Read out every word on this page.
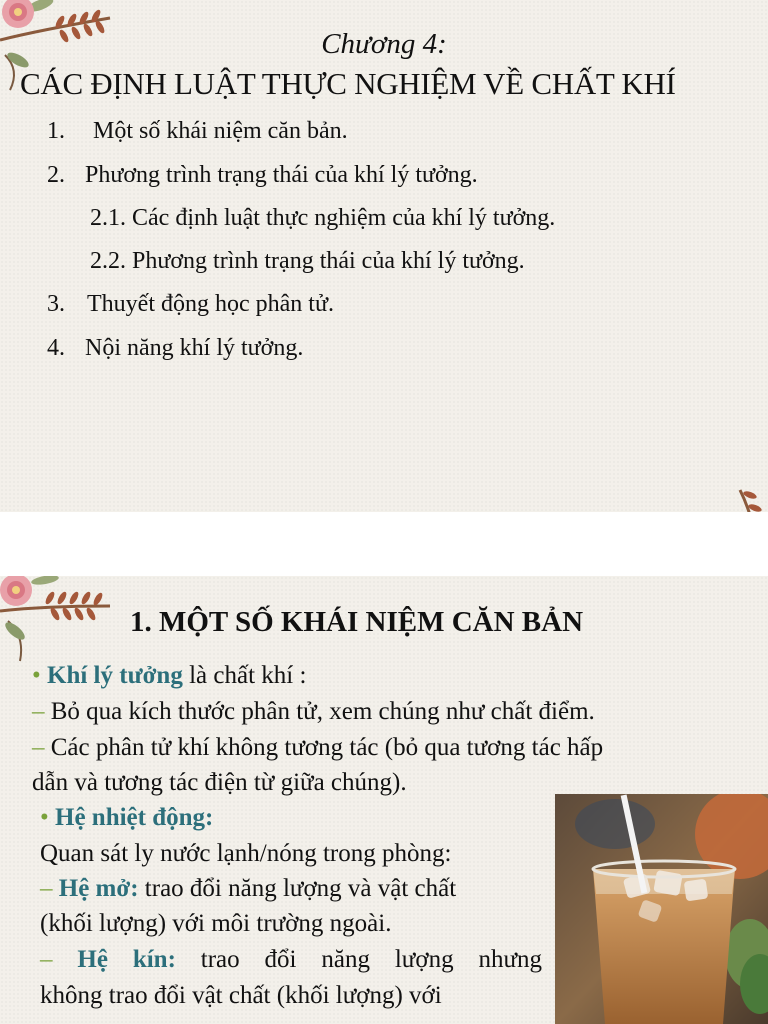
Chương 4:
CÁC ĐỊNH LUẬT THỰC NGHIỆM VỀ CHẤT KHÍ
1. Một số khái niệm căn bản.
2. Phương trình trạng thái của khí lý tưởng.
2.1. Các định luật thực nghiệm của khí lý tưởng.
2.2. Phương trình trạng thái của khí lý tưởng.
3. Thuyết động học phân tử.
4. Nội năng khí lý tưởng.
1. MỘT SỐ KHÁI NIỆM CĂN BẢN
• Khí lý tưởng là chất khí :
– Bỏ qua kích thước phân tử, xem chúng như chất điểm.
– Các phân tử khí không tương tác (bỏ qua tương tác hấp
dẫn và tương tác điện từ giữa chúng).
• Hệ nhiệt động:
Quan sát ly nước lạnh/nóng trong phòng:
– Hệ mở: trao đổi năng lượng và vật chất
(khối lượng) với môi trường ngoài.
– Hệ kín: trao đổi năng lượng nhưng
không trao đổi vật chất (khối lượng) với
